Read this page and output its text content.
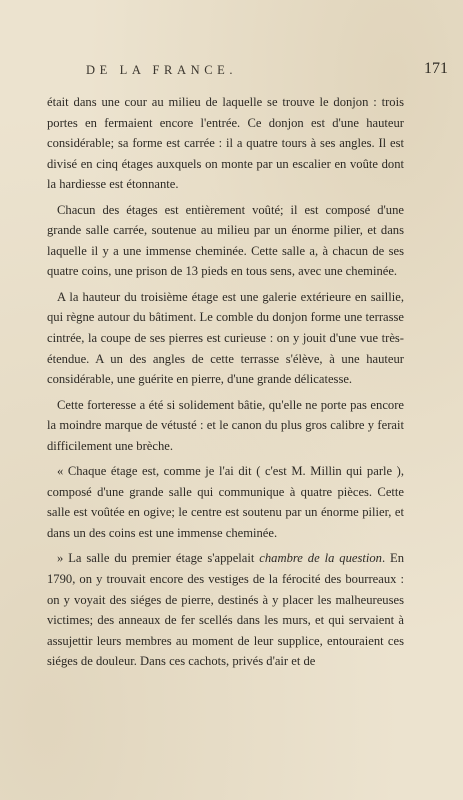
DE LA FRANCE.	171

était dans une cour au milieu de laquelle se trouve le donjon : trois portes en fermaient encore l'entrée. Ce donjon est d'une hauteur considérable; sa forme est carrée : il a quatre tours à ses angles. Il est divisé en cinq étages auxquels on monte par un escalier en voûte dont la hardiesse est étonnante.

Chacun des étages est entièrement voûté; il est composé d'une grande salle carrée, soutenue au milieu par un énorme pilier, et dans laquelle il y a une immense cheminée. Cette salle a, à chacun de ses quatre coins, une prison de 13 pieds en tous sens, avec une cheminée.

A la hauteur du troisième étage est une galerie extérieure en saillie, qui règne autour du bâtiment. Le comble du donjon forme une terrasse cintrée, la coupe de ses pierres est curieuse : on y jouit d'une vue très-étendue. A un des angles de cette terrasse s'élève, à une hauteur considérable, une guérite en pierre, d'une grande délicatesse.

Cette forteresse a été si solidement bâtie, qu'elle ne porte pas encore la moindre marque de vétusté : et le canon du plus gros calibre y ferait difficilement une brèche.

« Chaque étage est, comme je l'ai dit ( c'est M. Millin qui parle ), composé d'une grande salle qui communique à quatre pièces. Cette salle est voûtée en ogive; le centre est soutenu par un énorme pilier, et dans un des coins est une immense cheminée.

» La salle du premier étage s'appelait chambre de la question. En 1790, on y trouvait encore des vestiges de la férocité des bourreaux : on y voyait des siéges de pierre, destinés à y placer les malheureuses victimes; des anneaux de fer scellés dans les murs, et qui servaient à assujettir leurs membres au moment de leur supplice, entouraient ces siéges de douleur. Dans ces cachots, privés d'air et de
